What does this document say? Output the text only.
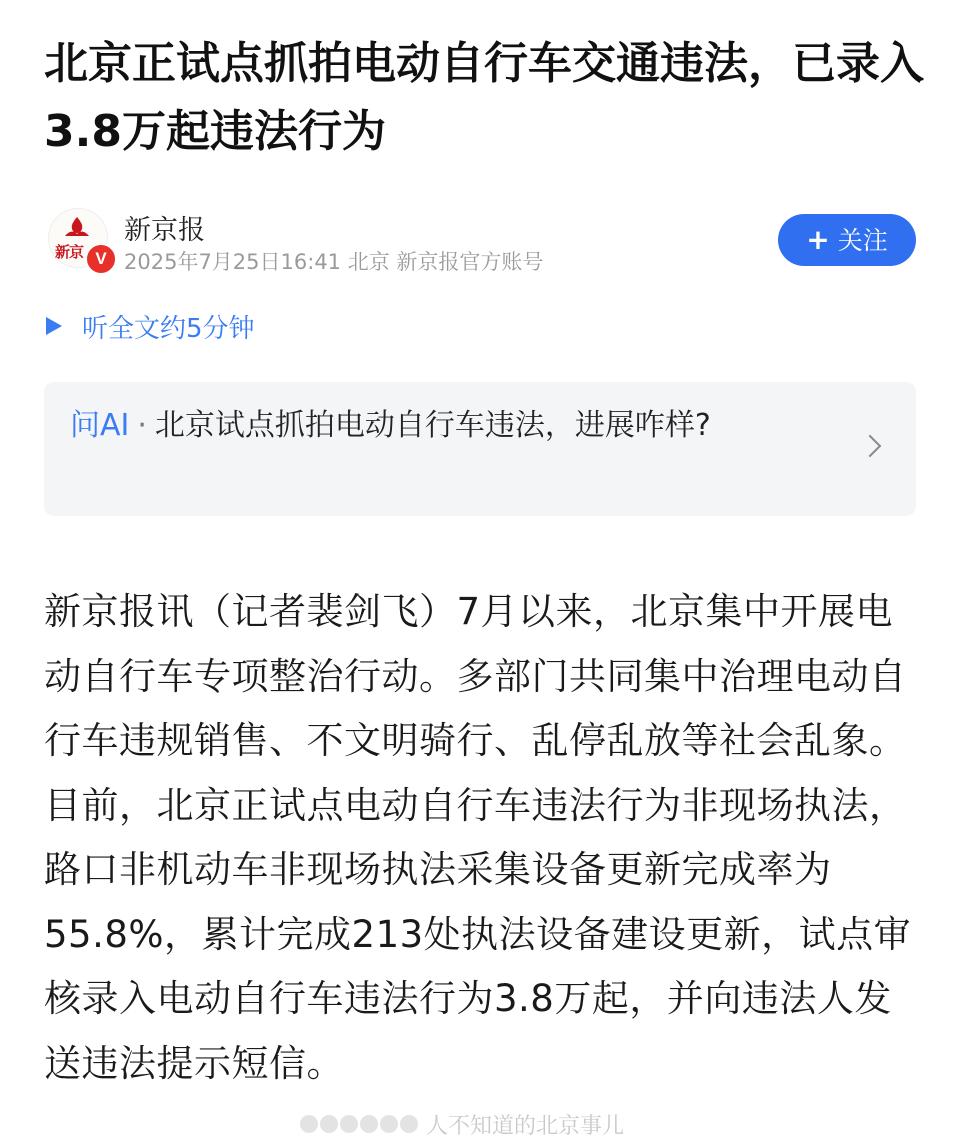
北京正试点抓拍电动自行车交通违法，已录入3.8万起违法行为
新京 V
新京报
2025年7月25日16:41 北京 新京报官方账号
+ 关注
听全文约5分钟
问AI · 北京试点抓拍电动自行车违法，进展咋样?

新京报讯（记者裴剑飞）7月以来，北京集中开展电动自行车专项整治行动。多部门共同集中治理电动自行车违规销售、不文明骑行、乱停乱放等社会乱象。目前，北京正试点电动自行车违法行为非现场执法，路口非机动车非现场执法采集设备更新完成率为55.8%，累计完成213处执法设备建设更新，试点审核录入电动自行车违法行为3.8万起，并向违法人发送违法提示短信。

人不知道的北京事儿
